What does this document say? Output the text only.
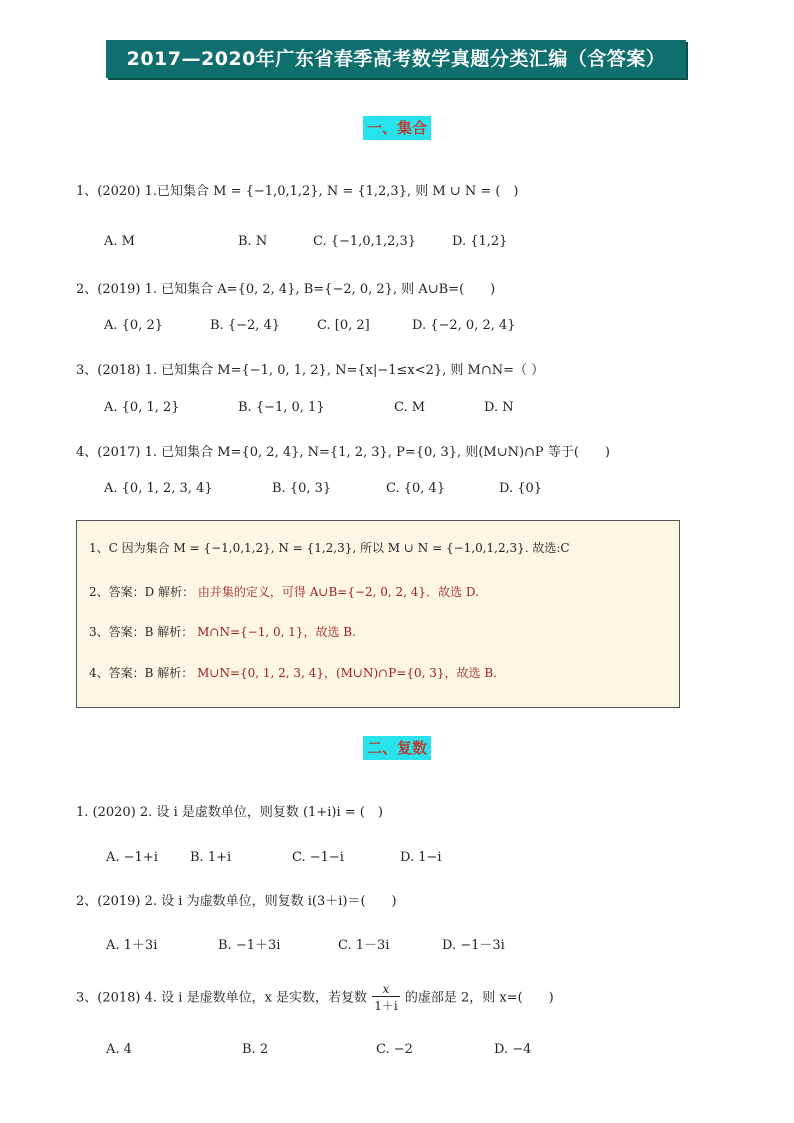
2017—2020年广东省春季高考数学真题分类汇编（含答案）
一、集合
1、(2020) 1.已知集合 M = {−1,0,1,2}, N = {1,2,3}, 则 M ∪ N = (　)
A. M	B. N	C. {−1,0,1,2,3}	D. {1,2}
2、(2019) 1. 已知集合 A={0, 2, 4}, B={−2, 0, 2}, 则 A∪B=(　　)
A. {0, 2}	B. {−2, 4}	C. [0, 2]	D. {−2, 0, 2, 4}
3、(2018) 1. 已知集合 M={−1, 0, 1, 2}, N={x|−1≤x<2}, 则 M∩N=（ ）
A. {0, 1, 2}	B. {−1, 0, 1}	C. M	D. N
4、(2017) 1. 已知集合 M={0, 2, 4}, N={1, 2, 3}, P={0, 3}, 则(M∪N)∩P 等于(　　)
A. {0, 1, 2, 3, 4}	B. {0, 3}	C. {0, 4}	D. {0}
1、C 因为集合 M = {−1,0,1,2}, N = {1,2,3}, 所以 M ∪ N = {−1,0,1,2,3}. 故选:C
2、答案：D 解析： 由并集的定义，可得 A∪B={−2, 0, 2, 4}．故选 D.
3、答案：B 解析： M∩N={−1, 0, 1}，故选 B.
4、答案：B 解析： M∪N={0, 1, 2, 3, 4}，(M∪N)∩P={0, 3}，故选 B.
二、复数
1. (2020) 2. 设 i 是虚数单位，则复数 (1+i)i = (　)
A. −1+i B. 1+i	C. −1−i	D. 1−i
2、(2019) 2. 设 i 为虚数单位，则复数 i(3＋i)＝(　　)
A. 1＋3i	B. −1＋3i	C. 1－3i	D. −1－3i
3、(2018) 4. 设 i 是虚数单位，x 是实数，若复数 $\frac{x}{1+i}$ 的虚部是 2，则 x=(　　)
A. 4	B. 2	C. −2	D. −4
